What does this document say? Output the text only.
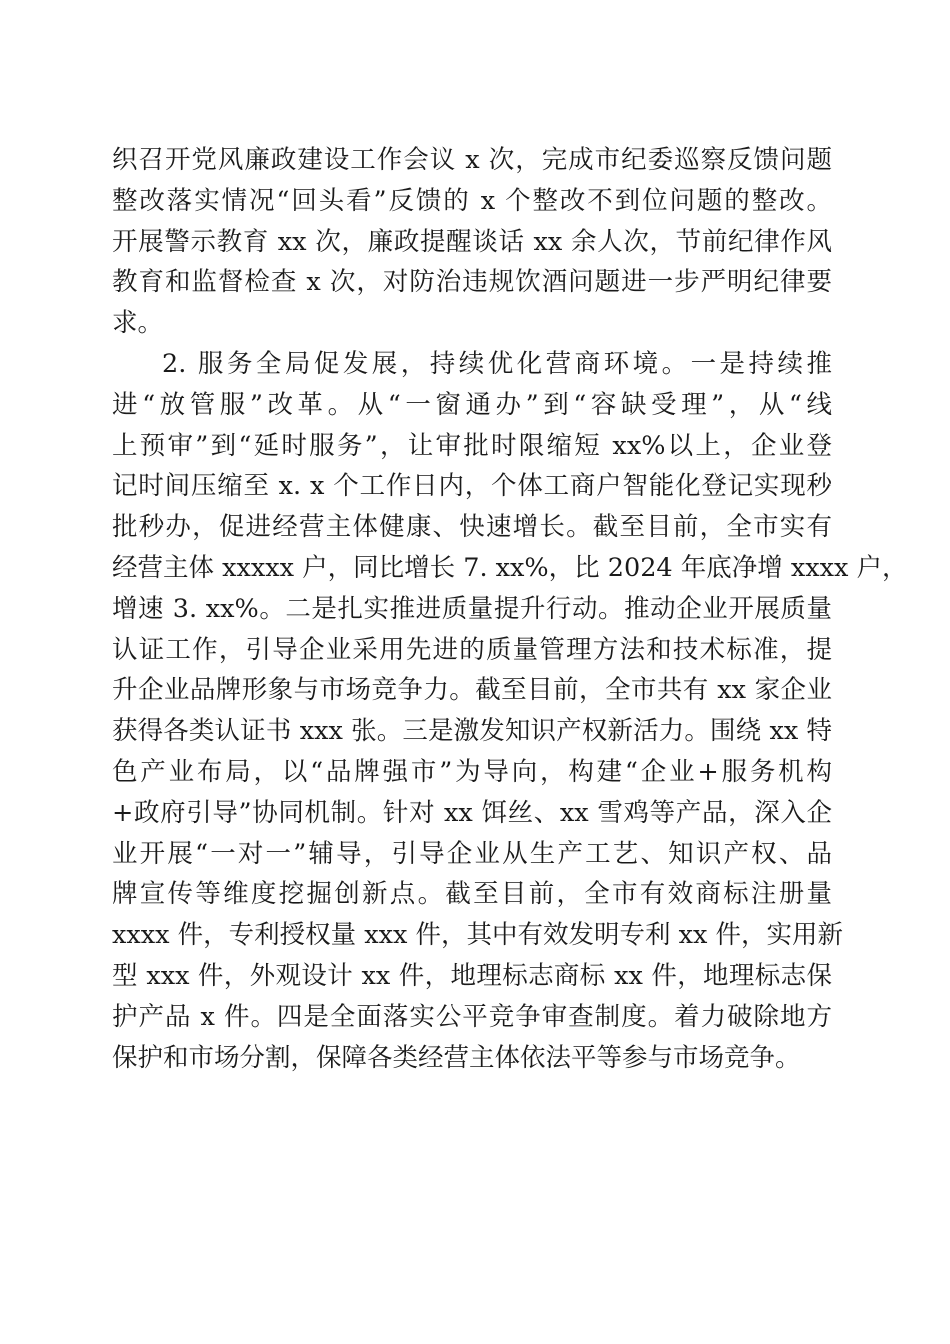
织召开党风廉政建设工作会议 x 次，完成市纪委巡察反馈问题
整改落实情况“回头看”反馈的 x 个整改不到位问题的整改。
开展警示教育 xx 次，廉政提醒谈话 xx 余人次，节前纪律作风
教育和监督检查 x 次，对防治违规饮酒问题进一步严明纪律要
求。
2. 服务全局促发展，持续优化营商环境。一是持续推
进“放管服”改革。从“一窗通办”到“容缺受理”，从“线
上预审”到“延时服务”，让审批时限缩短 xx%以上，企业登
记时间压缩至 x. x 个工作日内，个体工商户智能化登记实现秒
批秒办，促进经营主体健康、快速增长。截至目前，全市实有
经营主体 xxxxx 户，同比增长 7. xx%，比 2024 年底净增 xxxx 户，
增速 3. xx%。二是扎实推进质量提升行动。推动企业开展质量
认证工作，引导企业采用先进的质量管理方法和技术标准，提
升企业品牌形象与市场竞争力。截至目前，全市共有 xx 家企业
获得各类认证书 xxx 张。三是激发知识产权新活力。围绕 xx 特
色产业布局，以“品牌强市”为导向，构建“企业+服务机构
+政府引导”协同机制。针对 xx 饵丝、xx 雪鸡等产品，深入企
业开展“一对一”辅导，引导企业从生产工艺、知识产权、品
牌宣传等维度挖掘创新点。截至目前，全市有效商标注册量
xxxx 件，专利授权量 xxx 件，其中有效发明专利 xx 件，实用新
型 xxx 件，外观设计 xx 件，地理标志商标 xx 件，地理标志保
护产品 x 件。四是全面落实公平竞争审查制度。着力破除地方
保护和市场分割，保障各类经营主体依法平等参与市场竞争。
